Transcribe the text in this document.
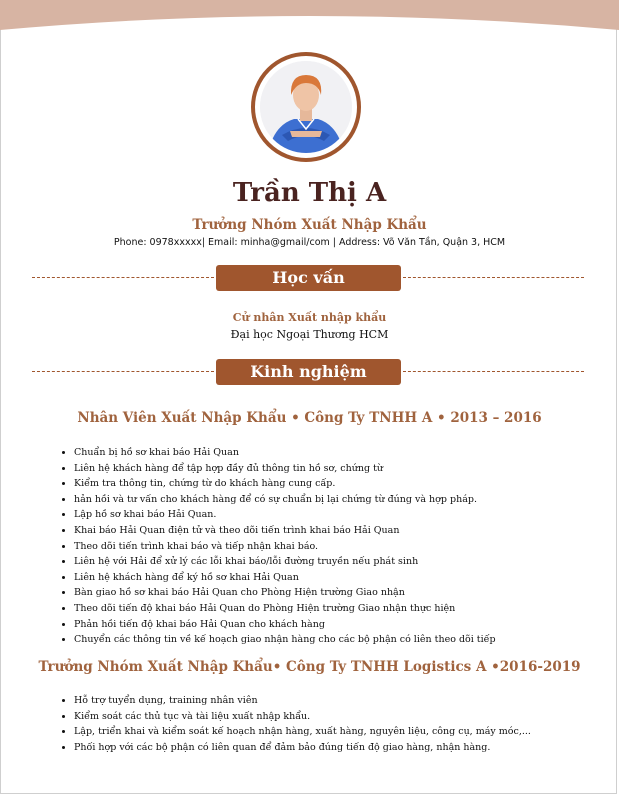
Trần Thị A
Trưởng Nhóm Xuất Nhập Khẩu
Phone: 0978xxxxx| Email: minha@gmail/com | Address: Võ Văn Tần, Quận 3, HCM
Học vấn
Cử nhân Xuất nhập khẩu
Đại học Ngoại Thương HCM
Kinh nghiệm
Nhân Viên Xuất Nhập Khẩu • Công Ty TNHH A • 2013 – 2016
• Chuẩn bị hồ sơ khai báo Hải Quan
• Liên hệ khách hàng để tập hợp đầy đủ thông tin hồ sơ, chứng từ
• Kiểm tra thông tin, chứng từ do khách hàng cung cấp.
• hản hồi và tư vấn cho khách hàng để có sự chuẩn bị lại chứng từ đúng và hợp pháp.
• Lập hồ sơ khai báo Hải Quan.
• Khai báo Hải Quan điện tử và theo dõi tiến trình khai báo Hải Quan
• Theo dõi tiến trình khai báo và tiếp nhận khai báo.
• Liên hệ với Hải để xử lý các lỗi khai báo/lỗi đường truyền nếu phát sinh
• Liên hệ khách hàng để ký hồ sơ khai Hải Quan
• Bàn giao hồ sơ khai báo Hải Quan cho Phòng Hiện trường Giao nhận
• Theo dõi tiến độ khai báo Hải Quan do Phòng Hiện trường Giao nhận thực hiện
• Phản hồi tiến độ khai báo Hải Quan cho khách hàng
• Chuyển các thông tin về kế hoạch giao nhận hàng cho các bộ phận có liên theo dõi tiếp
Trưởng Nhóm Xuất Nhập Khẩu• Công Ty TNHH Logistics A •2016-2019
• Hỗ trợ tuyển dụng, training nhân viên
• Kiểm soát các thủ tục và tài liệu xuất nhập khẩu.
• Lập, triển khai và kiểm soát kế hoạch nhận hàng, xuất hàng, nguyên liệu, công cụ, máy móc,...
• Phối hợp với các bộ phận có liên quan để đảm bảo đúng tiến độ giao hàng, nhận hàng.
